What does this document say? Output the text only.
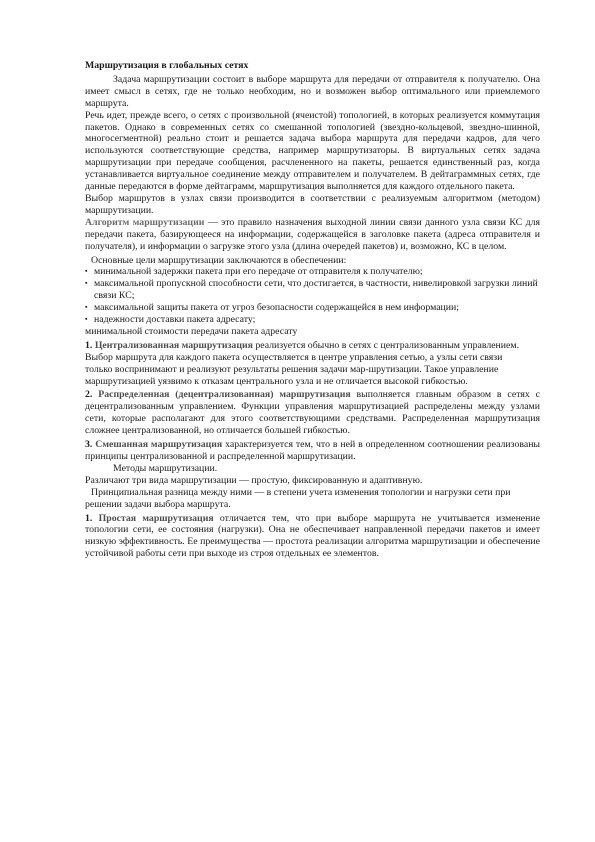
Маршрутизация в глобальных сетях

Задача маршрутизации состоит в выборе маршрута для передачи от отправителя к получателю. Она имеет смысл в сетях, где не только необходим, но и возможен выбор оптимального или приемлемого маршрута.

Речь идет, прежде всего, о сетях с произвольной (ячеистой) топологией, в которых реализуется коммутация пакетов. Однако в современных сетях со смешанной топологией (звездно-кольцевой, звездно-шинной, многосегментной) реально стоит и решается задача выбора маршрута для передачи кадров, для чего используются соответствующие средства, например маршрутизаторы. В виртуальных сетях задача маршрутизации при передаче сообщения, расчлененного на пакеты, решается единственный раз, когда устанавливается виртуальное соединение между отправителем и получателем. В дейтаграммных сетях, где данные передаются в форме дейтаграмм, маршрутизация выполняется для каждого отдельного пакета.

Выбор маршрутов в узлах связи производится в соответствии с реализуемым алгоритмом (методом) маршрутизации.

Алгоритм маршрутизации — это правило назначения выходной линии связи данного узла связи КС для передачи пакета, базирующееся на информации, содержащейся в заголовке пакета (адреса отправителя и получателя), и информации о загрузке этого узла (длина очередей пакетов) и, возможно, КС в целом.

Основные цели маршрутизации заключаются в обеспечении:

▪ минимальной задержки пакета при его передаче от отправителя к получателю;
▪ максимальной пропускной способности сети, что достигается, в частности, нивелировкой загрузки линий связи КС;
▪ максимальной защиты пакета от угроз безопасности содержащейся в нем информации;
▪ надежности доставки пакета адресату;

минимальной стоимости передачи пакета адресату

1. Централизованная маршрутизация реализуется обычно в сетях с централизованным управлением. Выбор маршрута для каждого пакета осуществляется в центре управления сетью, а узлы сети связи

только воспринимают и реализуют результаты решения задачи мар-шрутизации. Такое управление маршрутизацией уязвимо к отказам центрального узла и не отличается высокой гибкостью.

2. Распределенная (децентрализованная) маршрутизация выполняется главным образом в сетях с децентрализованным управлением. Функции управления маршрутизацией распределены между узлами сети, которые располагают для этого соответствующими средствами. Распределенная маршрутизация сложнее централизованной, но отличается большей гибкостью.

3. Смешанная маршрутизация характеризуется тем, что в ней в определенном соотношении реализованы принципы централизованной и распределенной маршрутизации.

Методы маршрутизации.

Различают три вида маршрутизации — простую, фиксированную и адаптивную.

Принципиальная разница между ними — в степени учета изменения топологии и нагрузки сети при решении задачи выбора маршрута.

1. Простая маршрутизация отличается тем, что при выборе маршрута не учитывается изменение топологии сети, ее состояния (нагрузки). Она не обеспечивает направленной передачи пакетов и имеет низкую эффективность. Ее преимущества — простота реализации алгоритма маршрутизации и обеспечение устойчивой работы сети при выходе из строя отдельных ее элементов.
